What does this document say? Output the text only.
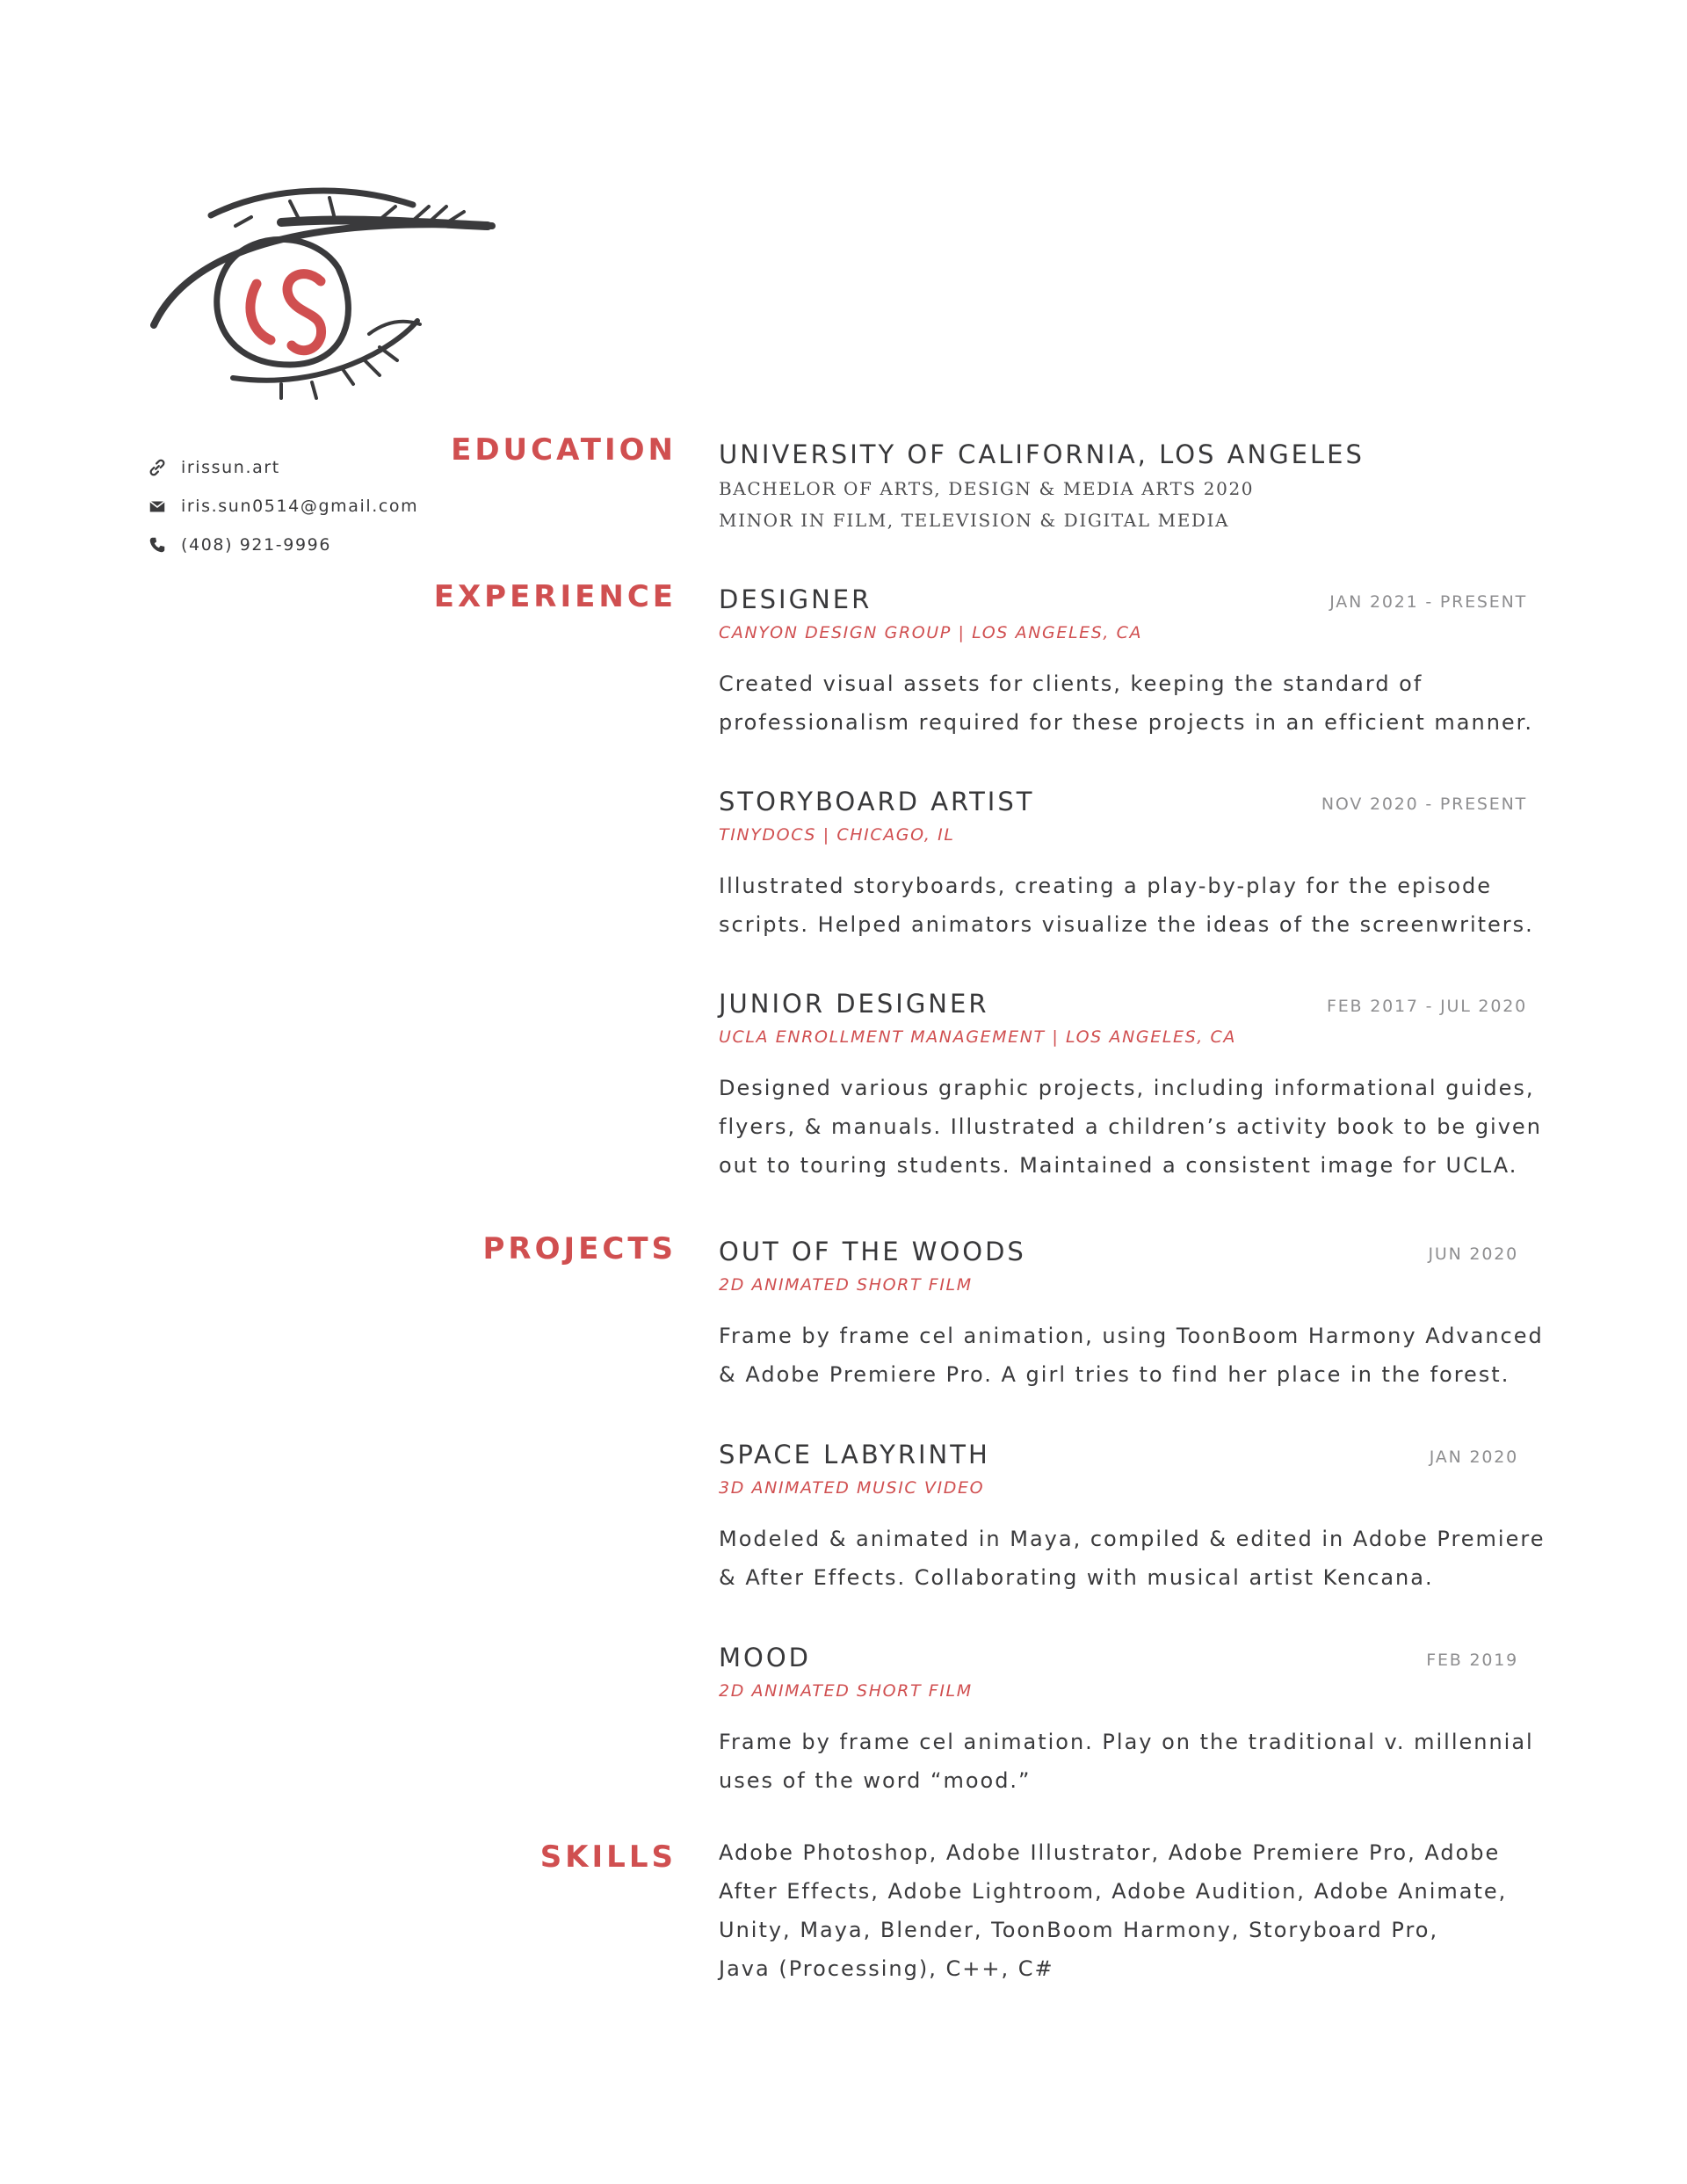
irissun.art
iris.sun0514@gmail.com
(408) 921-9996
EDUCATION UNIVERSITY OF CALIFORNIA, LOS ANGELES
BACHELOR OF ARTS, DESIGN & MEDIA ARTS 2020
MINOR IN FILM, TELEVISION & DIGITAL MEDIA
EXPERIENCE DESIGNER	JAN 2021 - PRESENT
CANYON DESIGN GROUP | LOS ANGELES, CA
Created visual assets for clients, keeping the standard of
professionalism required for these projects in an efficient manner.
STORYBOARD ARTIST	NOV 2020 - PRESENT
TINYDOCS | CHICAGO, IL
Illustrated storyboards, creating a play-by-play for the episode
scripts. Helped animators visualize the ideas of the screenwriters.
JUNIOR DESIGNER	FEB 2017 - JUL 2020
UCLA ENROLLMENT MANAGEMENT | LOS ANGELES, CA
Designed various graphic projects, including informational guides,
flyers, & manuals. Illustrated a children’s activity book to be given
out to touring students. Maintained a consistent image for UCLA.
PROJECTS OUT OF THE WOODS	JUN 2020
2D ANIMATED SHORT FILM
Frame by frame cel animation, using ToonBoom Harmony Advanced
& Adobe Premiere Pro. A girl tries to find her place in the forest.
SPACE LABYRINTH	JAN 2020
3D ANIMATED MUSIC VIDEO
Modeled & animated in Maya, compiled & edited in Adobe Premiere
& After Effects. Collaborating with musical artist Kencana.
MOOD	FEB 2019
2D ANIMATED SHORT FILM
Frame by frame cel animation. Play on the traditional v. millennial
uses of the word “mood.”
SKILLS Adobe Photoshop, Adobe Illustrator, Adobe Premiere Pro, Adobe
After Effects, Adobe Lightroom, Adobe Audition, Adobe Animate,
Unity, Maya, Blender, ToonBoom Harmony, Storyboard Pro,
Java (Processing), C++, C#
